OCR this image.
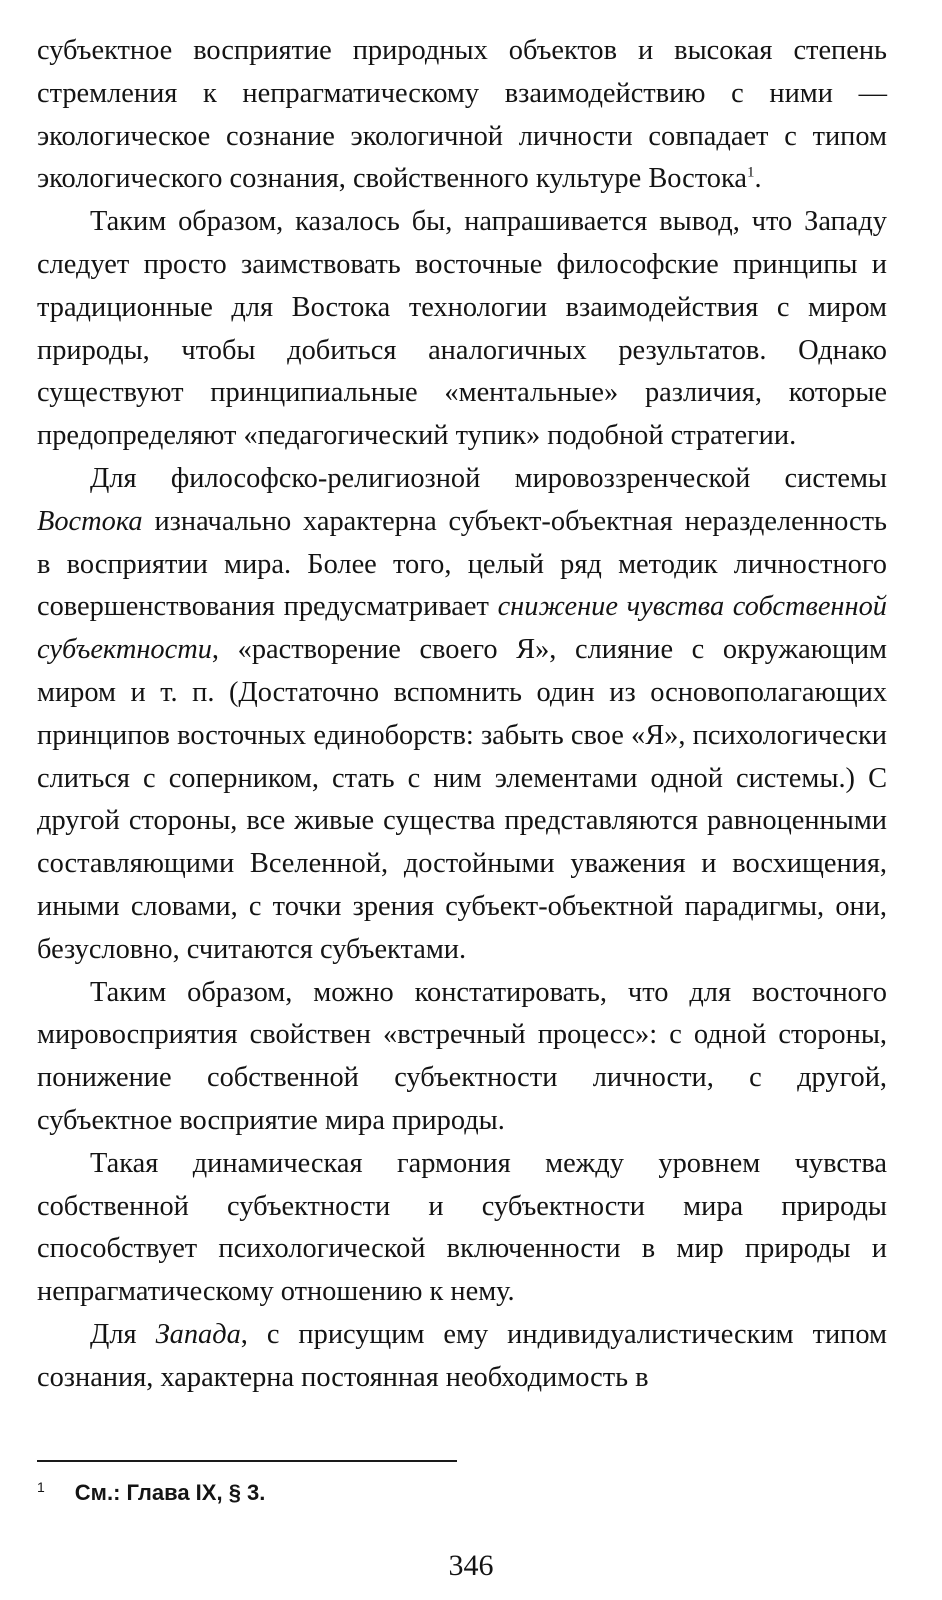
субъектное восприятие природных объектов и высокая степень стремления к непрагматическому взаимодействию с ними — экологическое сознание экологичной личности совпадает с типом экологического сознания, свойственного культуре Востока$^1$.

Таким образом, казалось бы, напрашивается вывод, что Западу следует просто заимствовать восточные философские принципы и традиционные для Востока технологии взаимодействия с миром природы, чтобы добиться аналогичных результатов. Однако существуют принципиальные «ментальные» различия, которые предопределяют «педагогический тупик» подобной стратегии.

Для философско-религиозной мировоззренческой системы Востока изначально характерна субъект-объектная неразделенность в восприятии мира. Более того, целый ряд методик личностного совершенствования предусматривает снижение чувства собственной субъектности, «растворение своего Я», слияние с окружающим миром и т. п. (Достаточно вспомнить один из основополагающих принципов восточных единоборств: забыть свое «Я», психологически слиться с соперником, стать с ним элементами одной системы.) С другой стороны, все живые существа представляются равноценными составляющими Вселенной, достойными уважения и восхищения, иными словами, с точки зрения субъект-объектной парадигмы, они, безусловно, считаются субъектами.

Таким образом, можно констатировать, что для восточного мировосприятия свойствен «встречный процесс»: с одной стороны, понижение собственной субъектности личности, с другой, субъектное восприятие мира природы.

Такая динамическая гармония между уровнем чувства собственной субъектности и субъектности мира природы способствует психологической включенности в мир природы и непрагматическому отношению к нему.

Для Запада, с присущим ему индивидуалистическим типом сознания, характерна постоянная необходимость в

$^1$ См.: Глава IX, § 3.
346
